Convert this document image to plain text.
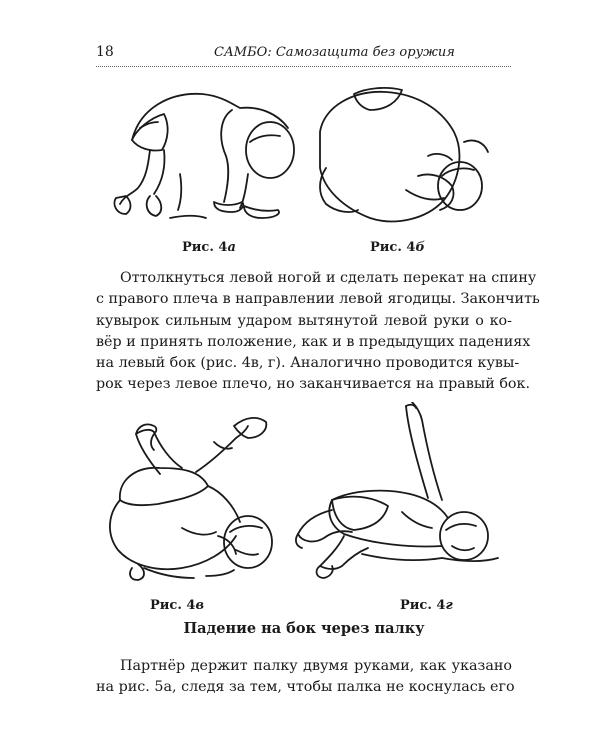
18	САМБО: Самозащита без оружия
Рис. 4а	Рис. 4б
Оттолкнуться левой ногой и сделать перекат на спину
с правого плеча в направлении левой ягодицы. Закончить
кувырок сильным ударом вытянутой левой руки о ко-
вёр и принять положение, как и в предыдущих падениях
на левый бок (рис. 4в, г). Аналогично проводится кувы-
рок через левое плечо, но заканчивается на правый бок.
Рис. 4в	Рис. 4г
Падение на бок через палку
Партнёр держит палку двумя руками, как указано
на рис. 5а, следя за тем, чтобы палка не коснулась его
